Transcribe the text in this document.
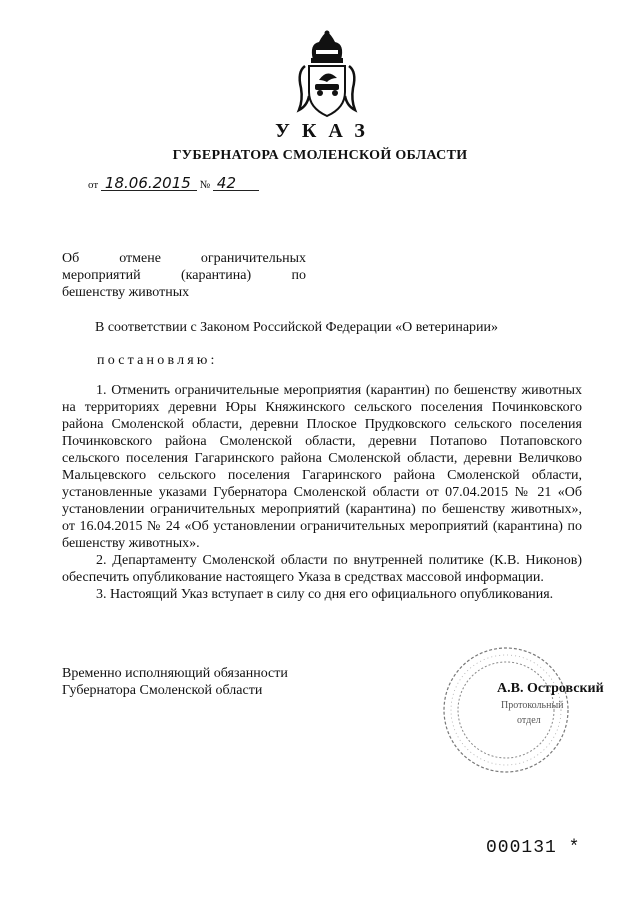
УКАЗ
ГУБЕРНАТОРА СМОЛЕНСКОЙ ОБЛАСТИ
от 18.06.2015 № 42
Об отмене ограничительных
мероприятий (карантина) по
бешенству животных
В соответствии с Законом Российской Федерации «О ветеринарии»
постановляю:

1. Отменить ограничительные мероприятия (карантин) по бешенству животных на территориях деревни Юры Княжинского сельского поселения Починковского района Смоленской области, деревни Плоское Прудковского сельского поселения Починковского района Смоленской области, деревни Потапово Потаповского сельского поселения Гагаринского района Смоленской области, деревни Величково Мальцевского сельского поселения Гагаринского района Смоленской области, установленные указами Губернатора Смоленской области от 07.04.2015 № 21 «Об установлении ограничительных мероприятий (карантина) по бешенству животных», от 16.04.2015 № 24 «Об установлении ограничительных мероприятий (карантина) по бешенству животных».

2. Департаменту Смоленской области по внутренней политике (К.В. Никонов) обеспечить опубликование настоящего Указа в средствах массовой информации.

3. Настоящий Указ вступает в силу со дня его официального опубликования.

Временно исполняющий обязанности
Губернатора Смоленской области	А.В. Островский
Протокольный
отдел
000131 *
